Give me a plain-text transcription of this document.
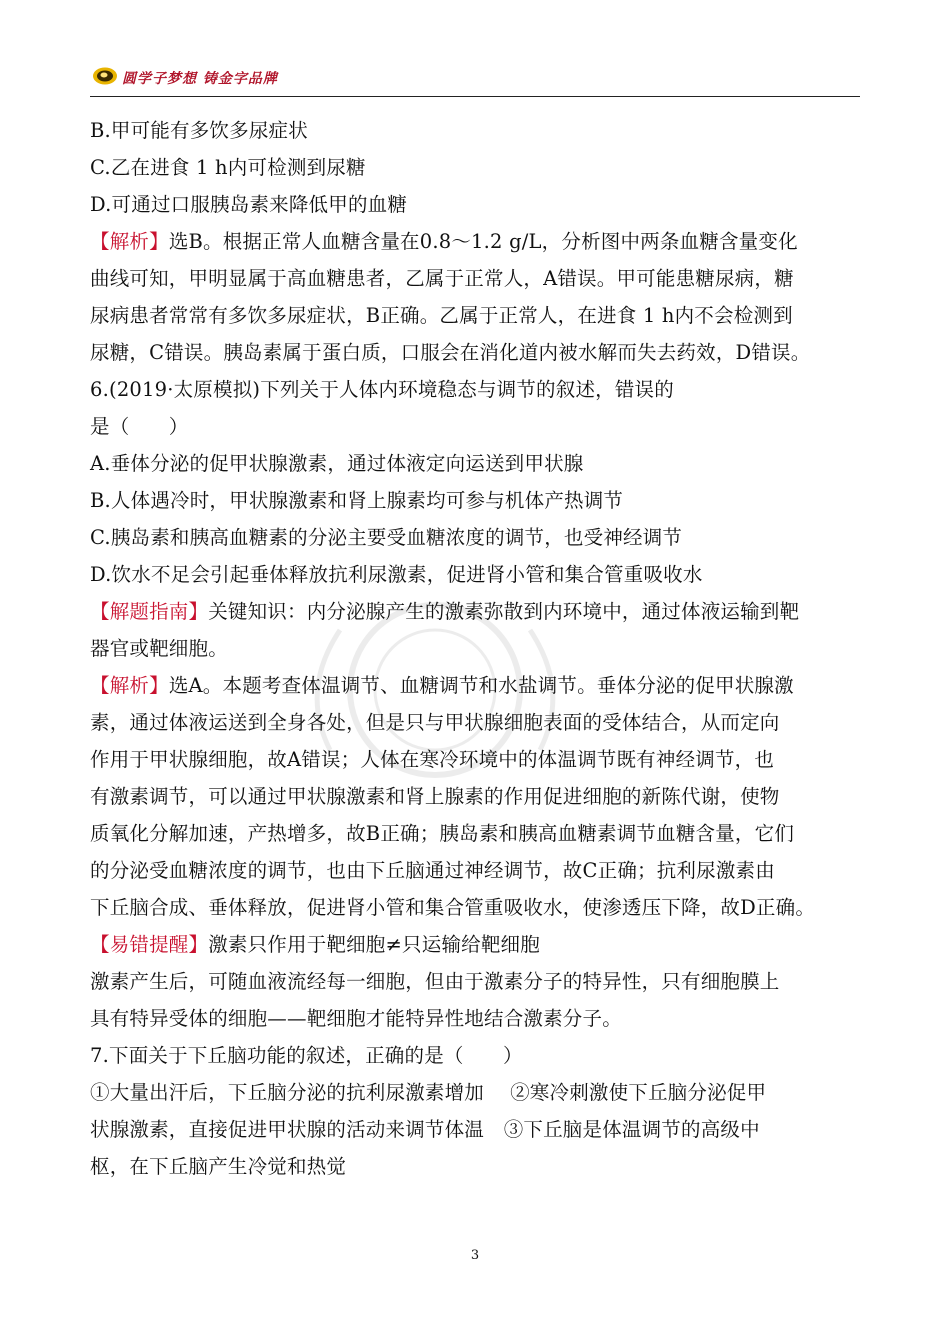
圆学子梦想 铸金字品牌
B.甲可能有多饮多尿症状
C.乙在进食 1 h内可检测到尿糖
D.可通过口服胰岛素来降低甲的血糖
【解析】选B。根据正常人血糖含量在0.8～1.2 g/L，分析图中两条血糖含量变化
曲线可知，甲明显属于高血糖患者，乙属于正常人，A错误。甲可能患糖尿病，糖
尿病患者常常有多饮多尿症状，B正确。乙属于正常人，在进食 1 h内不会检测到
尿糖，C错误。胰岛素属于蛋白质，口服会在消化道内被水解而失去药效，D错误。
6.(2019·太原模拟)下列关于人体内环境稳态与调节的叙述，错误的
是（　　）
A.垂体分泌的促甲状腺激素，通过体液定向运送到甲状腺
B.人体遇冷时，甲状腺激素和肾上腺素均可参与机体产热调节
C.胰岛素和胰高血糖素的分泌主要受血糖浓度的调节，也受神经调节
D.饮水不足会引起垂体释放抗利尿激素，促进肾小管和集合管重吸收水
【解题指南】关键知识：内分泌腺产生的激素弥散到内环境中，通过体液运输到靶
器官或靶细胞。
【解析】选A。本题考查体温调节、血糖调节和水盐调节。垂体分泌的促甲状腺激
素，通过体液运送到全身各处，但是只与甲状腺细胞表面的受体结合，从而定向
作用于甲状腺细胞，故A错误；人体在寒冷环境中的体温调节既有神经调节，也
有激素调节，可以通过甲状腺激素和肾上腺素的作用促进细胞的新陈代谢，使物
质氧化分解加速，产热增多，故B正确；胰岛素和胰高血糖素调节血糖含量，它们
的分泌受血糖浓度的调节，也由下丘脑通过神经调节，故C正确；抗利尿激素由
下丘脑合成、垂体释放，促进肾小管和集合管重吸收水，使渗透压下降，故D正确。
【易错提醒】激素只作用于靶细胞≠只运输给靶细胞
激素产生后，可随血液流经每一细胞，但由于激素分子的特异性，只有细胞膜上
具有特异受体的细胞——靶细胞才能特异性地结合激素分子。
7.下面关于下丘脑功能的叙述，正确的是（　　）
①大量出汗后，下丘脑分泌的抗利尿激素增加　 ②寒冷刺激使下丘脑分泌促甲
状腺激素，直接促进甲状腺的活动来调节体温　③下丘脑是体温调节的高级中
枢，在下丘脑产生冷觉和热觉
3
